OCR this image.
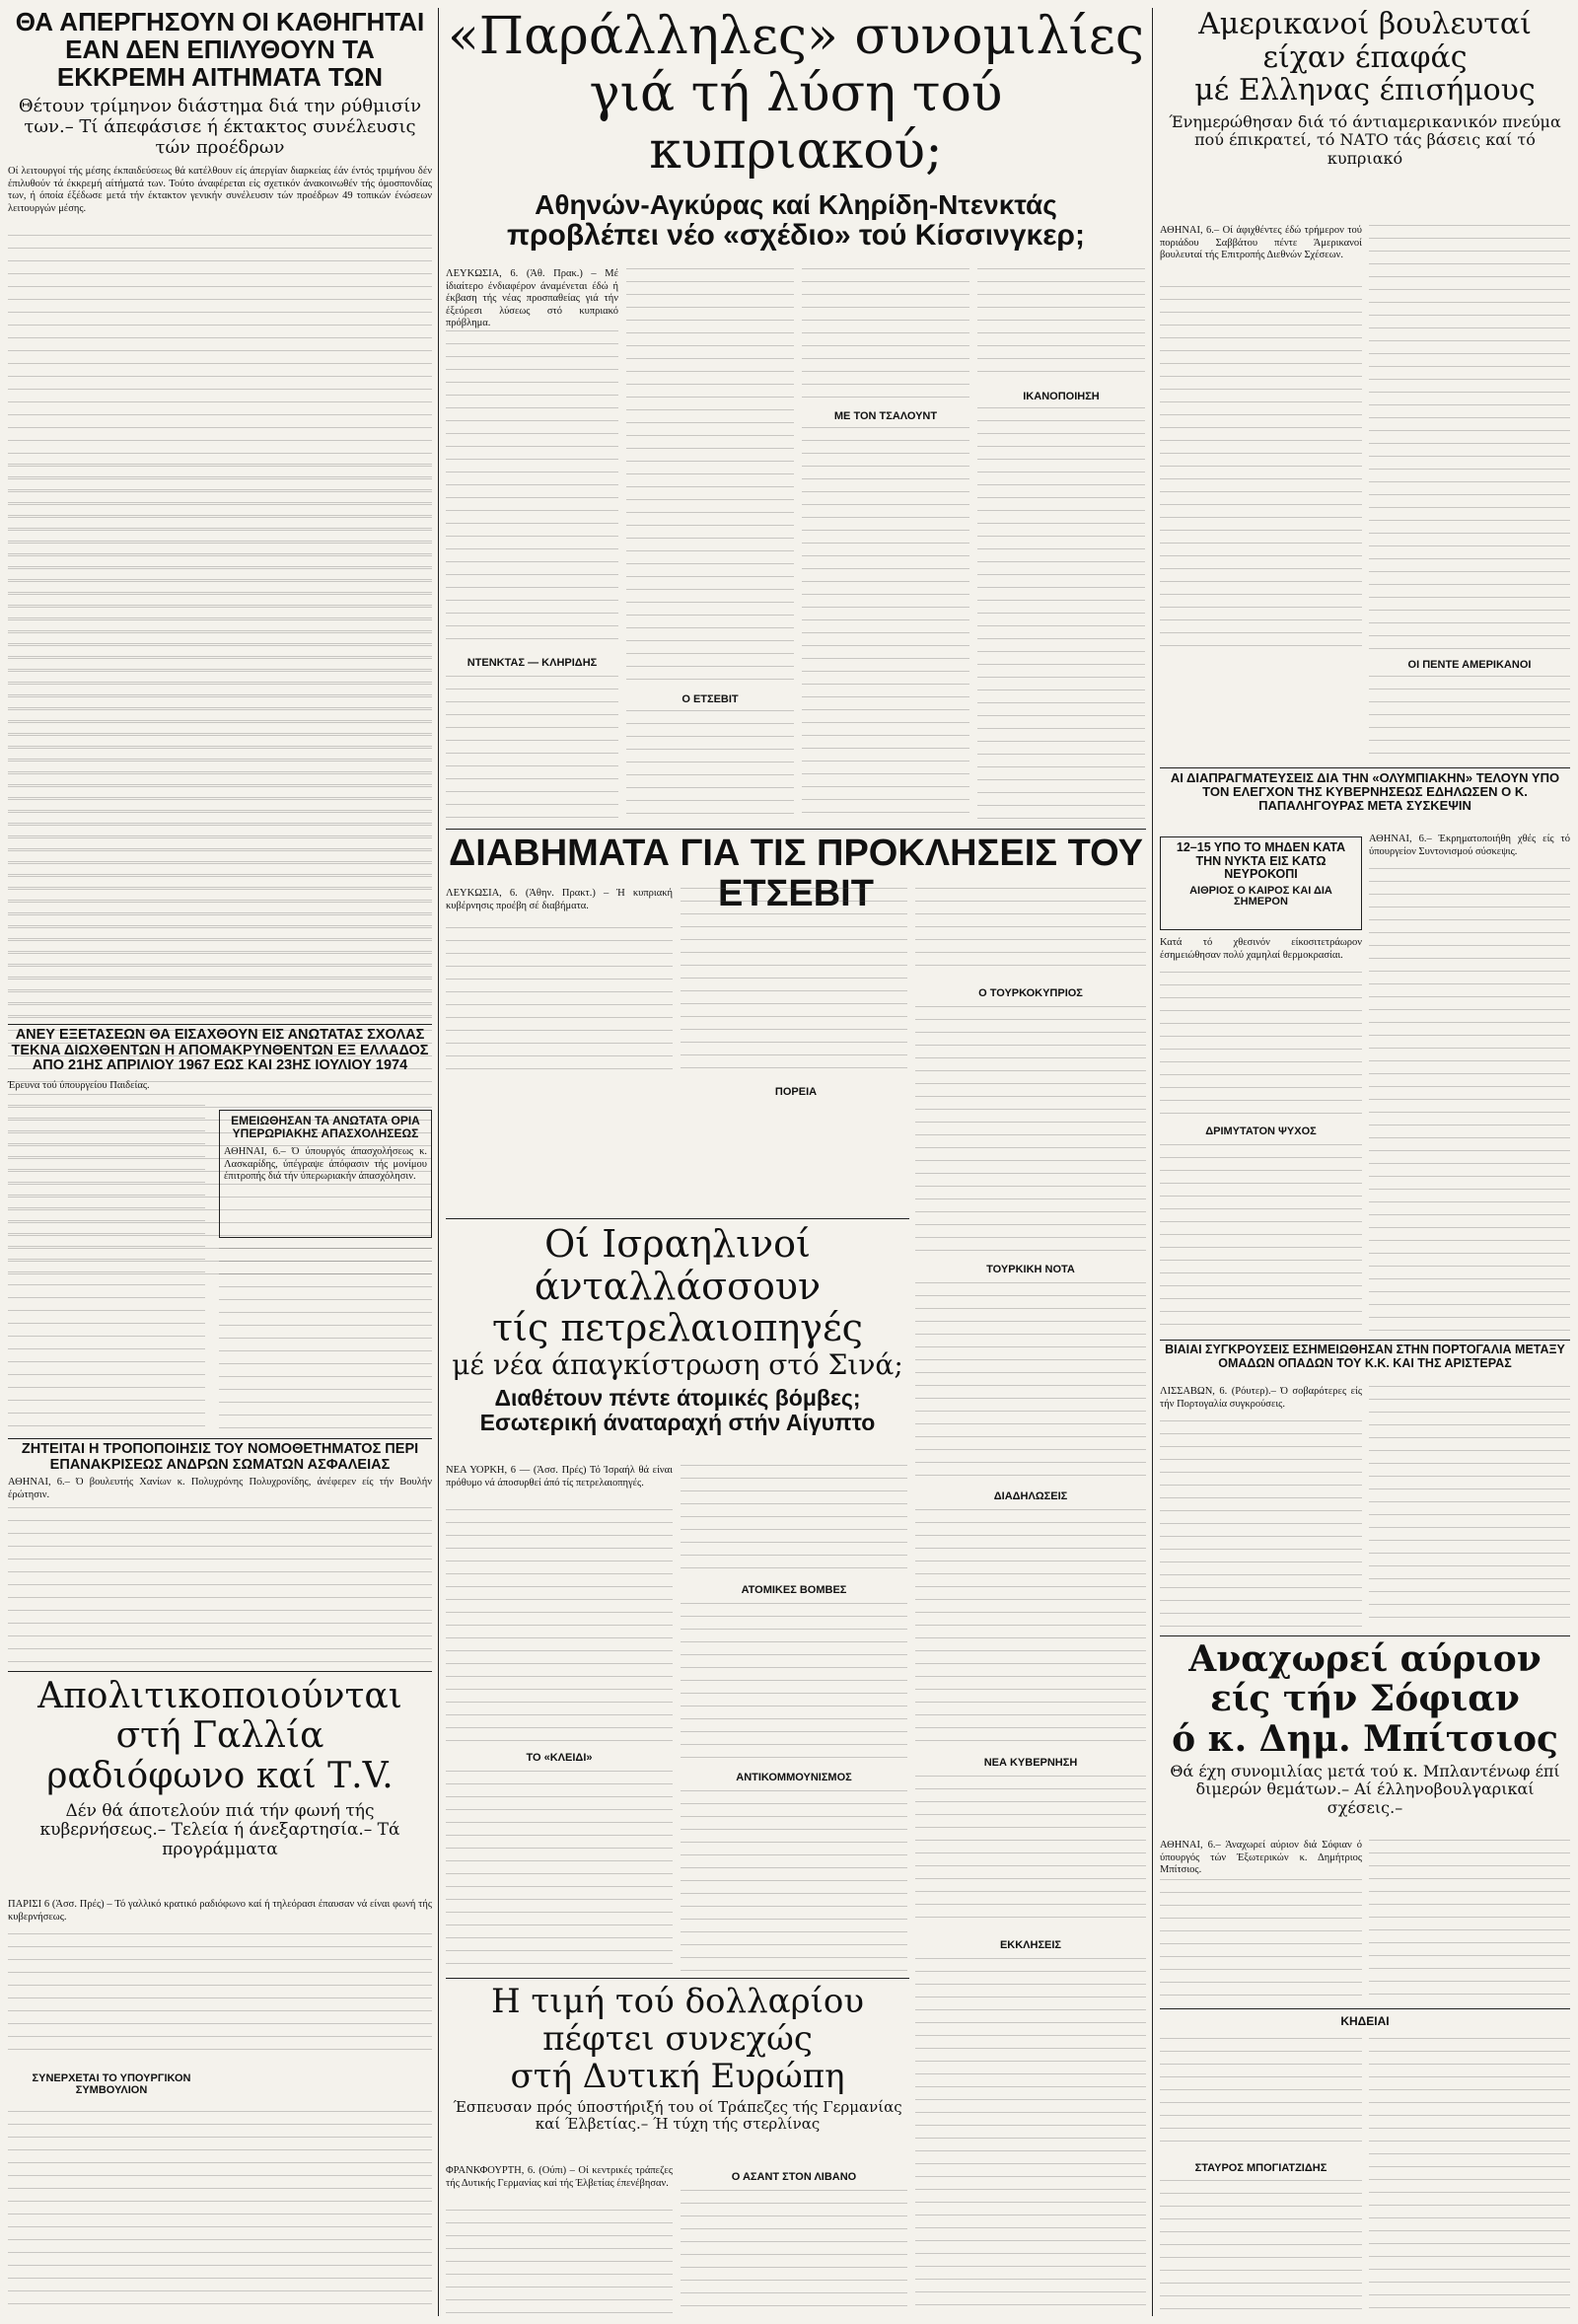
ΘΑ ΑΠΕΡΓΗΣΟΥΝ ΟΙ ΚΑΘΗΓΗΤΑΙ ΕΑΝ ΔΕΝ ΕΠΙΛΥΘΟΥΝ ΤΑ ΕΚΚΡΕΜΗ ΑΙΤΗΜΑΤΑ ΤΩΝ

Θέτουν τρίμηνον διάστημα διά την ρύθμισίν των.– Τί άπεφάσισε ή έκτακτος συνέλευσις τών προέδρων

Οί λειτουργοί τής μέσης έκπαιδεύσεως θά κατέλθουν είς άπεργίαν διαρκείας έάν έντός τριμήνου δέν έπιλυθούν τά έκκρεμή αίτήματά των. Τούτο άναφέρεται είς σχετικόν άνακοινωθέν τής όμοσπονδίας των, ή όποία έξέδωσε μετά τήν έκτακτον γενικήν συνέλευσιν τών προέδρων 49 τοπικών ένώσεων λειτουργών μέσης.

ΑΝΕΥ ΕΞΕΤΑΣΕΩΝ ΘΑ ΕΙΣΑΧΘΟΥΝ ΕΙΣ ΑΝΩΤΑΤΑΣ ΣΧΟΛΑΣ ΤΕΚΝΑ ΔΙΩΧΘΕΝΤΩΝ Η ΑΠΟΜΑΚΡΥΝΘΕΝΤΩΝ ΕΞ ΕΛΛΑΔΟΣ ΑΠΟ 21ΗΣ ΑΠΡΙΛΙΟΥ 1967 ΕΩΣ ΚΑΙ 23ΗΣ ΙΟΥΛΙΟΥ 1974

Έρευνα τού ύπουργείου Παιδείας.

ΕΜΕΙΩΘΗΣΑΝ ΤΑ ΑΝΩΤΑΤΑ ΟΡΙΑ ΥΠΕΡΩΡΙΑΚΗΣ ΑΠΑΣΧΟΛΗΣΕΩΣ

ΑΘΗΝΑΙ, 6.– Ό ύπουργός άπασχολήσεως κ. Λασκαρίδης, ύπέγραψε άπόφασιν τής μονίμου έπιτροπής διά τήν ύπερωριακήν άπασχόλησιν.

ΖΗΤΕΙΤΑΙ Η ΤΡΟΠΟΠΟΙΗΣΙΣ ΤΟΥ ΝΟΜΟΘΕΤΗΜΑΤΟΣ ΠΕΡΙ ΕΠΑΝΑΚΡΙΣΕΩΣ ΑΝΔΡΩΝ ΣΩΜΑΤΩΝ ΑΣΦΑΛΕΙΑΣ

ΑΘΗΝΑΙ, 6.– Ό βουλευτής Χανίων κ. Πολυχρόνης Πολυχρονίδης, άνέφερεν είς τήν Βουλήν έρώτησιν.

Απολιτικοποιούνται
στή Γαλλία
ραδιόφωνο καί Τ.V.

Δέν θά άποτελούν πιά τήν φωνή τής κυβερνήσεως.– Τελεία ή άνεξαρτησία.– Τά προγράμματα

ΠΑΡΙΣΙ 6 (Άσσ. Πρές) – Τό γαλλικό κρατικό ραδιόφωνο καί ή τηλεόρασι έπαυσαν νά είναι φωνή τής κυβερνήσεως.

ΣΥΝΕΡΧΕΤΑΙ ΤΟ ΥΠΟΥΡΓΙΚΟΝ ΣΥΜΒΟΥΛΙΟΝ
«Παράλληλες» συνομιλίες
γιά τή λύση τού κυπριακού;
Αθηνών-Αγκύρας καί Κληρίδη-Ντενκτάς
προβλέπει νέο «σχέδιο» τού Κίσσινγκερ;

ΛΕΥΚΩΣΙΑ, 6. (Άθ. Πρακ.) – Μέ ίδιαίτερο ένδιαφέρον άναμένεται έδώ ή έκβαση τής νέας προσπαθείας γιά τήν έξεύρεσι λύσεως στό κυπριακό πρόβλημα.

ΝΤΕΝΚΤΑΣ — ΚΛΗΡΙΔΗΣ
Ο ΕΤΣΕΒΙΤ
ΜΕ ΤΟΝ ΤΣΑΛΟΥΝΤ
ΙΚΑΝΟΠΟΙΗΣΗ
ΔΙΑΒΗΜΑΤΑ ΓΙΑ ΤΙΣ ΠΡΟΚΛΗΣΕΙΣ ΤΟΥ ΕΤΣΕΒΙΤ

ΛΕΥΚΩΣΙΑ, 6. (Άθην. Πρακτ.) – Ή κυπριακή κυβέρνησις προέβη σέ διαβήματα.

ΠΟΡΕΙΑ
Ο ΤΟΥΡΚΟΚΥΠΡΙΟΣ
ΤΟΥΡΚΙΚΗ ΝΟΤΑ
Οί Ισραηλινοί άνταλλάσσουν
τίς πετρελαιοπηγές
μέ νέα άπαγκίστρωση στό Σινά;
Διαθέτουν πέντε άτομικές βόμβες;
Εσωτερική άναταραχή στήν Αίγυπτο

ΝΕΑ ΥΟΡΚΗ, 6 — (Άσσ. Πρές) Τό Ίσραήλ θά είναι πρόθυμο νά άποσυρθεί άπό τίς πετρελαιοπηγές.

ΤΟ «ΚΛΕΙΔΙ»
ΑΤΟΜΙΚΕΣ ΒΟΜΒΕΣ
ΑΝΤΙΚΟΜΜΟΥΝΙΣΜΟΣ
ΔΙΑΔΗΛΩΣΕΙΣ
ΝΕΑ ΚΥΒΕΡΝΗΣΗ
ΕΚΚΛΗΣΕΙΣ
Η τιμή τού δολλαρίου
πέφτει συνεχώς
στή Δυτική Ευρώπη

Έσπευσαν πρός ύποστήριξή του οί Τράπεζες τής Γερμανίας καί Έλβετίας.– Ή τύχη τής στερλίνας

ΦΡΑΝΚΦΟΥΡΤΗ, 6. (Ούπι) – Οί κεντρικές τράπεζες τής Δυτικής Γερμανίας καί τής Έλβετίας έπενέβησαν.

Ο ΑΣΑΝΤ ΣΤΟΝ ΛΙΒΑΝΟ
Αμερικανοί βουλευταί
είχαν έπαφάς
μέ Ελληνας έπισήμους

Ένημερώθησαν διά τό άντιαμερικανικόν πνεύμα πού έπικρατεί, τό ΝΑΤΟ τάς βάσεις καί τό κυπριακό

ΑΘΗΝΑΙ, 6.– Οί άφιχθέντες έδώ τρήμερον τού ποριάδου Σαββάτου πέντε Άμερικανοί βουλευταί τής Επιτροπής Διεθνών Σχέσεων.

ΟΙ ΠΕΝΤΕ ΑΜΕΡΙΚΑΝΟΙ
ΑΙ ΔΙΑΠΡΑΓΜΑΤΕΥΣΕΙΣ ΔΙΑ ΤΗΝ «ΟΛΥΜΠΙΑΚΗΝ» ΤΕΛΟΥΝ ΥΠΟ ΤΟΝ ΕΛΕΓΧΟΝ ΤΗΣ ΚΥΒΕΡΝΗΣΕΩΣ ΕΔΗΛΩΣΕΝ Ο Κ. ΠΑΠΑΛΗΓΟΥΡΑΣ ΜΕΤΑ ΣΥΣΚΕΨΙΝ

ΑΘΗΝΑΙ, 6.– Έκρηματοποιήθη χθές είς τό ύπουργείον Συντονισμού σύσκεψις.

12–15 ΥΠΟ ΤΟ ΜΗΔΕΝ ΚΑΤΑ ΤΗΝ ΝΥΚΤΑ ΕΙΣ ΚΑΤΩ ΝΕΥΡΟΚΟΠΙ
ΑΙΘΡΙΟΣ Ο ΚΑΙΡΟΣ ΚΑΙ ΔΙΑ ΣΗΜΕΡΟΝ

Κατά τό χθεσινόν είκοσιτετράωρον έσημειώθησαν πολύ χαμηλαί θερμοκρασίαι.

ΔΡΙΜΥΤΑΤΟΝ ΨΥΧΟΣ
ΒΙΑΙΑΙ ΣΥΓΚΡΟΥΣΕΙΣ ΕΣΗΜΕΙΩΘΗΣΑΝ ΣΤΗΝ ΠΟΡΤΟΓΑΛΙΑ ΜΕΤΑΞΥ ΟΜΑΔΩΝ ΟΠΑΔΩΝ ΤΟΥ Κ.Κ. ΚΑΙ ΤΗΣ ΑΡΙΣΤΕΡΑΣ

ΛΙΣΣΑΒΩΝ, 6. (Ρόυτερ).– Ό σοβαρότερες είς τήν Πορτογαλία συγκρούσεις.

Αναχωρεί αύριον
είς τήν Σόφιαν
ό κ. Δημ. Μπίτσιος

Θά έχη συνομιλίας μετά τού κ. Μπλαντένωφ έπί διμερών θεμάτων.– Αί έλληνοβουλγαρικαί σχέσεις.–

ΑΘΗΝΑΙ, 6.– Άναχωρεί αύριον διά Σόφιαν ό ύπουργός τών Έξωτερικών κ. Δημήτριος Μπίτσιος.

ΚΗΔΕΙΑΙ
ΣΤΑΥΡΟΣ ΜΠΟΓΙΑΤΖΙΔΗΣ
